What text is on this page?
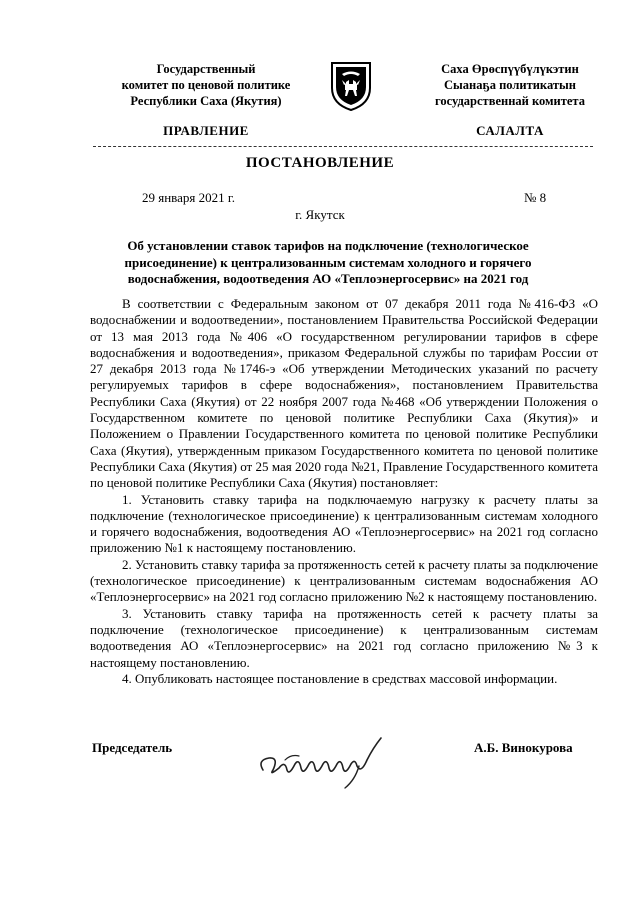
Государственный
комитет по ценовой политике
Республики Саха (Якутия)
Саха Өрөспүүбүлүкэтин
Сыанаҕа политикатын
государственнай комитета
ПРАВЛЕНИЕ	САЛАЛТА
ПОСТАНОВЛЕНИЕ
29 января 2021 г.	№ 8
г. Якутск
Об установлении ставок тарифов на подключение (технологическое
присоединение) к централизованным системам холодного и горячего
водоснабжения, водоотведения АО «Теплоэнергосервис» на 2021 год

В соответствии с Федеральным законом от 07 декабря 2011 года №416-ФЗ «О водоснабжении и водоотведении», постановлением Правительства Российской Федерации от 13 мая 2013 года №406 «О государственном регулировании тарифов в сфере водоснабжения и водоотведения», приказом Федеральной службы по тарифам России от 27 декабря 2013 года №1746-э «Об утверждении Методических указаний по расчету регулируемых тарифов в сфере водоснабжения», постановлением Правительства Республики Саха (Якутия) от 22 ноября 2007 года №468 «Об утверждении Положения о Государственном комитете по ценовой политике Республики Саха (Якутия)» и Положением о Правлении Государственного комитета по ценовой политике Республики Саха (Якутия), утвержденным приказом Государственного комитета по ценовой политике Республики Саха (Якутия) от 25 мая 2020 года №21, Правление Государственного комитета по ценовой политике Республики Саха (Якутия) постановляет:

1. Установить ставку тарифа на подключаемую нагрузку к расчету платы за подключение (технологическое присоединение) к централизованным системам холодного и горячего водоснабжения, водоотведения АО «Теплоэнергосервис» на 2021 год согласно приложению №1 к настоящему постановлению.

2. Установить ставку тарифа за протяженность сетей к расчету платы за подключение (технологическое присоединение) к централизованным системам водоснабжения АО «Теплоэнергосервис» на 2021 год согласно приложению №2 к настоящему постановлению.

3. Установить ставку тарифа на протяженность сетей к расчету платы за подключение (технологическое присоединение) к централизованным системам водоотведения АО «Теплоэнергосервис» на 2021 год согласно приложению №3 к настоящему постановлению.

4. Опубликовать настоящее постановление в средствах массовой информации.

Председатель	А.Б. Винокурова
